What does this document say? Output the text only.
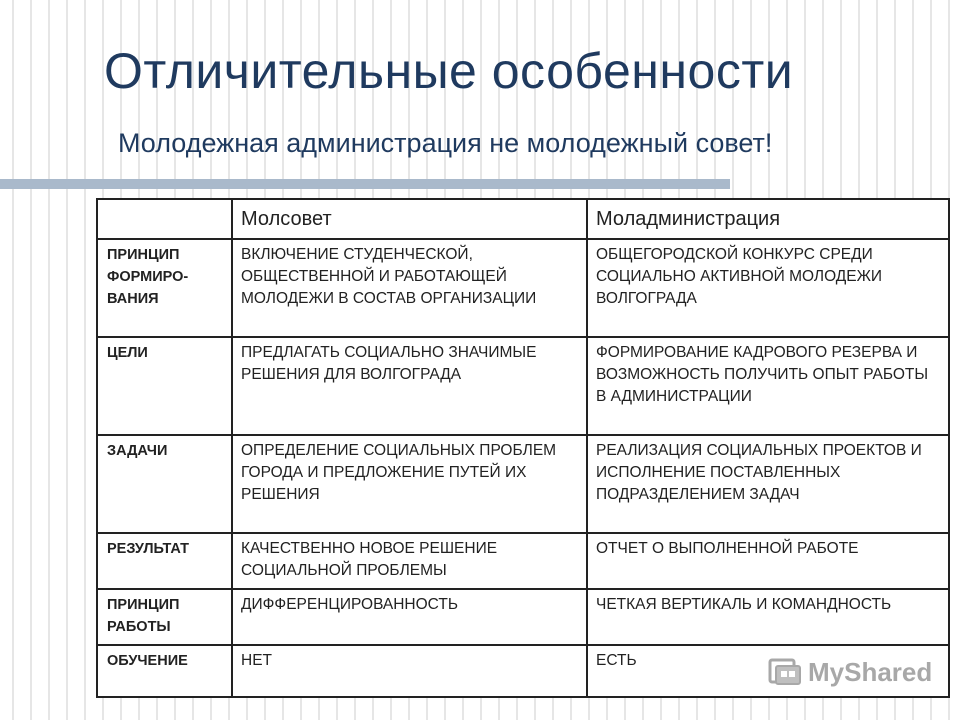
Отличительные особенности
Молодежная администрация не молодежный совет!
	Молсовет	Моладминистрация
ПРИНЦИП ФОРМИРО-ВАНИЯ	ВКЛЮЧЕНИЕ СТУДЕНЧЕСКОЙ, ОБЩЕСТВЕННОЙ И РАБОТАЮЩЕЙ МОЛОДЕЖИ В СОСТАВ ОРГАНИЗАЦИИ	ОБЩЕГОРОДСКОЙ КОНКУРС СРЕДИ СОЦИАЛЬНО АКТИВНОЙ МОЛОДЕЖИ ВОЛГОГРАДА
ЦЕЛИ	ПРЕДЛАГАТЬ СОЦИАЛЬНО ЗНАЧИМЫЕ РЕШЕНИЯ ДЛЯ ВОЛГОГРАДА	ФОРМИРОВАНИЕ КАДРОВОГО РЕЗЕРВА И ВОЗМОЖНОСТЬ ПОЛУЧИТЬ ОПЫТ РАБОТЫ В АДМИНИСТРАЦИИ
ЗАДАЧИ	ОПРЕДЕЛЕНИЕ СОЦИАЛЬНЫХ ПРОБЛЕМ ГОРОДА И ПРЕДЛОЖЕНИЕ ПУТЕЙ ИХ РЕШЕНИЯ	РЕАЛИЗАЦИЯ СОЦИАЛЬНЫХ ПРОЕКТОВ И ИСПОЛНЕНИЕ ПОСТАВЛЕННЫХ ПОДРАЗДЕЛЕНИЕМ ЗАДАЧ
РЕЗУЛЬТАТ	КАЧЕСТВЕННО НОВОЕ РЕШЕНИЕ СОЦИАЛЬНОЙ ПРОБЛЕМЫ	ОТЧЕТ О ВЫПОЛНЕННОЙ РАБОТЕ
ПРИНЦИП РАБОТЫ	ДИФФЕРЕНЦИРОВАННОСТЬ	ЧЕТКАЯ ВЕРТИКАЛЬ И КОМАНДНОСТЬ
ОБУЧЕНИЕ	НЕТ	ЕСТЬ	MyShared
